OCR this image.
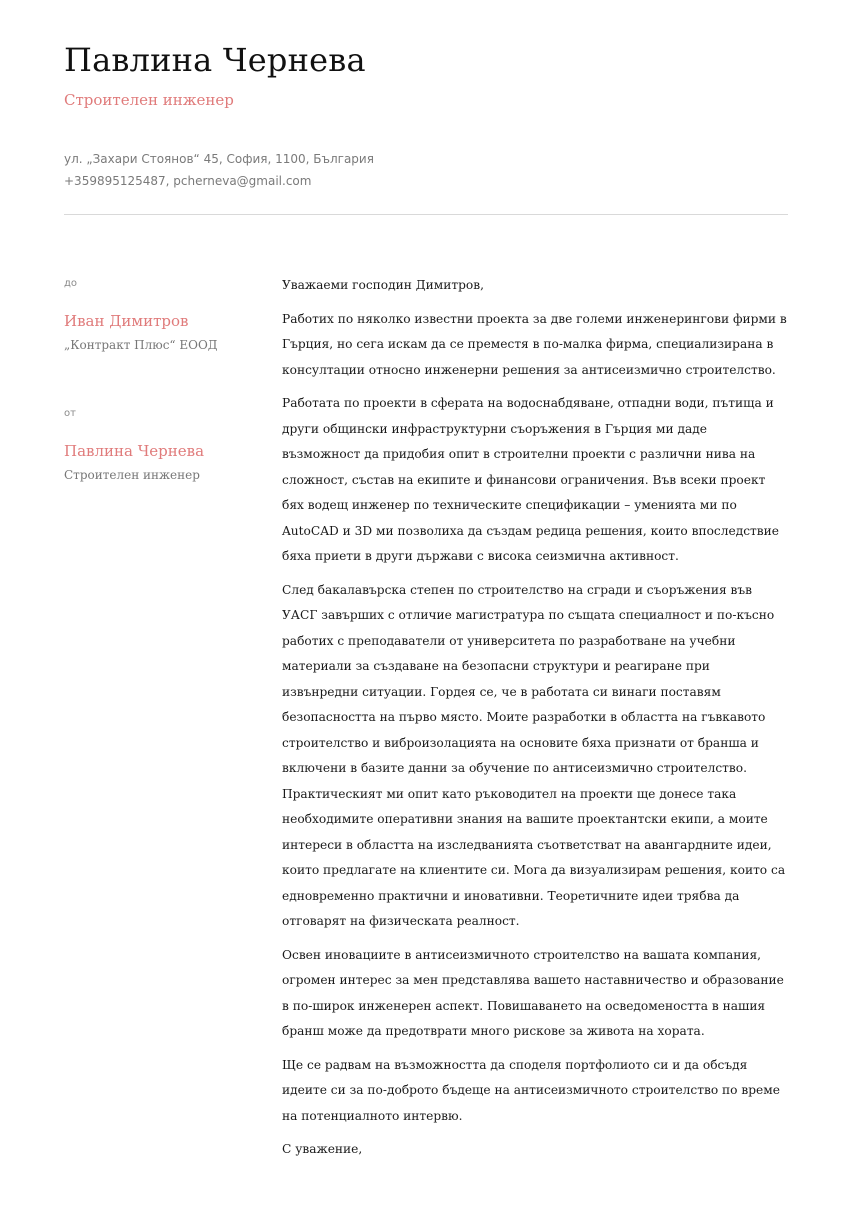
Павлина Чернева
Строителен инженер
ул. „Захари Стоянов“ 45, София, 1100, България
+359895125487, pcherneva@gmail.com
до
Иван Димитров
„Контракт Плюс“ ЕООД
от
Павлина Чернева
Строителен инженер

Уважаеми господин Димитров,

Работих по няколко известни проекта за две големи инженерингови фирми в Гърция, но сега искам да се преместя в по-малка фирма, специализирана в консултации относно инженерни решения за антисеизмично строителство.

Работата по проекти в сферата на водоснабдяване, отпадни води, пътища и други общински инфраструктурни съоръжения в Гърция ми даде възможност да придобия опит в строителни проекти с различни нива на сложност, състав на екипите и финансови ограничения. Във всеки проект бях водещ инженер по техническите спецификации – уменията ми по AutoCAD и 3D ми позволиха да създам редица решения, които впоследствие бяха приети в други държави с висока сеизмична активност.

След бакалавърска степен по строителство на сгради и съоръжения във УАСГ завърших с отличие магистратура по същата специалност и по-късно работих с преподаватели от университета по разработване на учебни материали за създаване на безопасни структури и реагиране при извънредни ситуации. Гордея се, че в работата си винаги поставям безопасността на първо място. Моите разработки в областта на гъвкавото строителство и виброизолацията на основите бяха признати от бранша и включени в базите данни за обучение по антисеизмично строителство. Практическият ми опит като ръководител на проекти ще донесе така необходимите оперативни знания на вашите проектантски екипи, а моите интереси в областта на изследванията съответстват на авангардните идеи, които предлагате на клиентите си. Мога да визуализирам решения, които са едновременно практични и иновативни. Теоретичните идеи трябва да отговарят на физическата реалност.

Освен иновациите в антисеизмичното строителство на вашата компания, огромен интерес за мен представлява вашето наставничество и образование в по-широк инженерен аспект. Повишаването на осведомеността в нашия бранш може да предотврати много рискове за живота на хората.

Ще се радвам на възможността да споделя портфолиото си и да обсъдя идеите си за по-доброто бъдеще на антисеизмичното строителство по време на потенциалното интервю.

С уважение,
